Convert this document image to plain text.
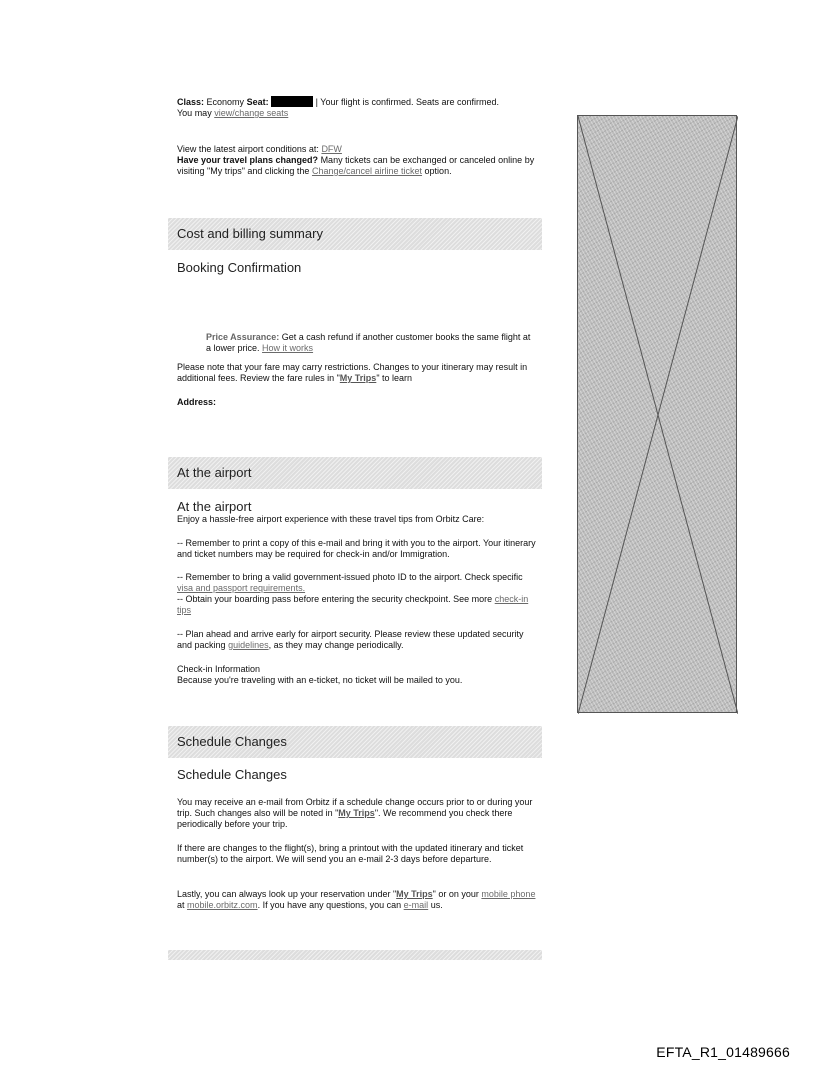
Class: Economy Seat:	| Your flight is confirmed. Seats are confirmed.

You may view/change seats

View the latest airport conditions at: DFW

Have your travel plans changed? Many tickets can be exchanged or canceled online by visiting "My trips" and clicking the Change/cancel airline ticket option.

Cost and billing summary
Booking Confirmation
Price Assurance: Get a cash refund if another customer books the same flight at a lower price. How it works
Please note that your fare may carry restrictions. Changes to your itinerary may result in additional fees. Review the fare rules in "My Trips" to learn
Address:
At the airport
At the airport
Enjoy a hassle-free airport experience with these travel tips from Orbitz Care:
-- Remember to print a copy of this e-mail and bring it with you to the airport. Your itinerary and ticket numbers may be required for check-in and/or Immigration.

-- Remember to bring a valid government-issued photo ID to the airport. Check specific visa and passport requirements.

-- Obtain your boarding pass before entering the security checkpoint. See more check-in tips

-- Plan ahead and arrive early for airport security. Please review these updated security and packing guidelines, as they may change periodically.

Check-in Information

Because you're traveling with an e-ticket, no ticket will be mailed to you.

Schedule Changes
Schedule Changes
You may receive an e-mail from Orbitz if a schedule change occurs prior to or during your trip. Such changes also will be noted in "My Trips". We recommend you check there periodically before your trip.
If there are changes to the flight(s), bring a printout with the updated itinerary and ticket number(s) to the airport. We will send you an e-mail 2-3 days before departure.
Lastly, you can always look up your reservation under "My Trips" or on your mobile phone at mobile.orbitz.com. If you have any questions, you can e-mail us.
EFTA_R1_01489666
